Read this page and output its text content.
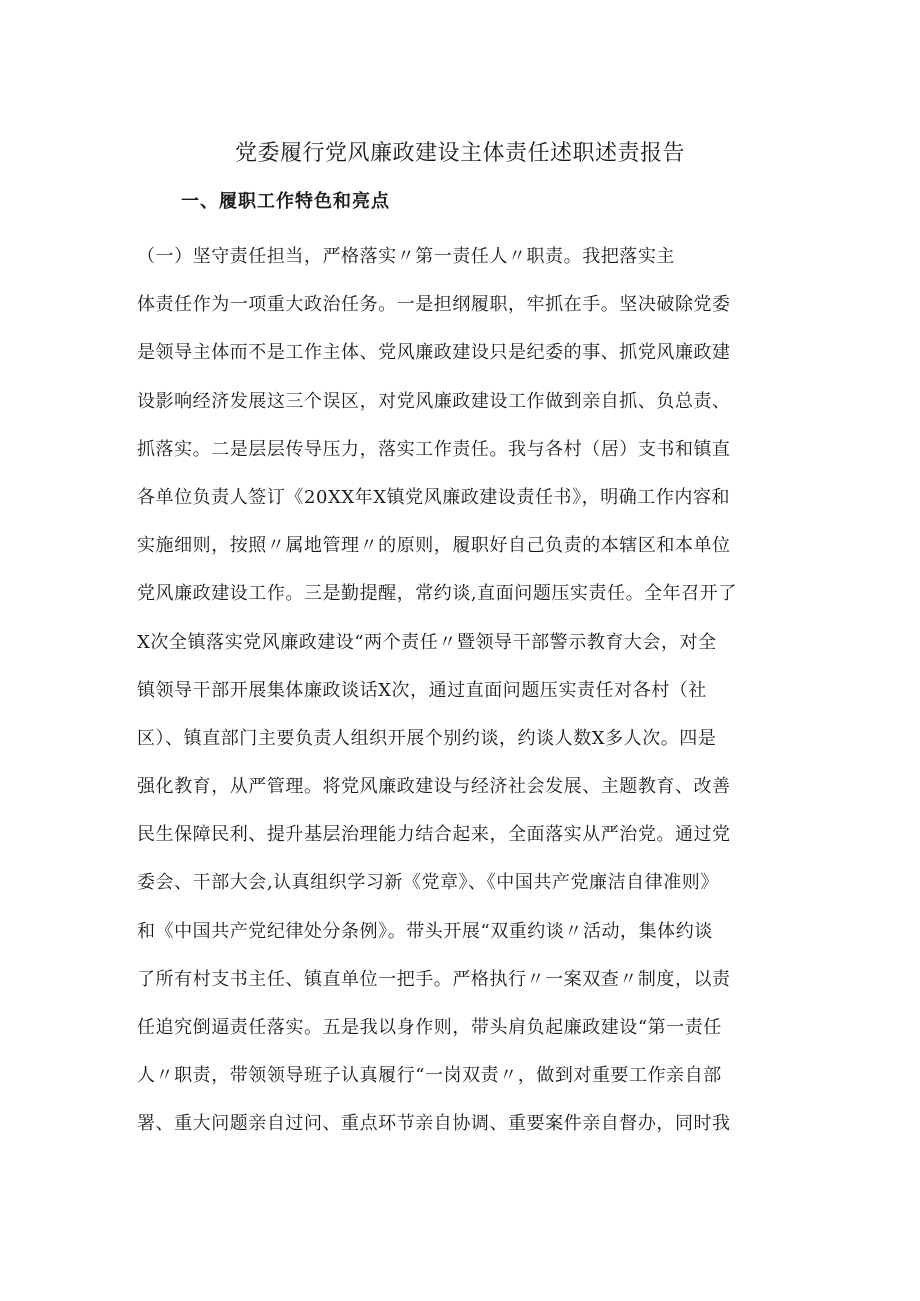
党委履行党风廉政建设主体责任述职述责报告
一、履职工作特色和亮点
（一）坚守责任担当，严格落实〃第一责任人〃职责。我把落实主
体责任作为一项重大政治任务。一是担纲履职，牢抓在手。坚决破除党委
是领导主体而不是工作主体、党风廉政建设只是纪委的事、抓党风廉政建
设影响经济发展这三个误区，对党风廉政建设工作做到亲自抓、负总责、
抓落实。二是层层传导压力，落实工作责任。我与各村（居）支书和镇直
各单位负责人签订《20XX年X镇党风廉政建设责任书》，明确工作内容和
实施细则，按照〃属地管理〃的原则，履职好自己负责的本辖区和本单位
党风廉政建设工作。三是勤提醒，常约谈,直面问题压实责任。全年召开了
X次全镇落实党风廉政建设“两个责任〃暨领导干部警示教育大会，对全
镇领导干部开展集体廉政谈话X次，通过直面问题压实责任对各村（社
区）、镇直部门主要负责人组织开展个别约谈，约谈人数X多人次。四是
强化教育，从严管理。将党风廉政建设与经济社会发展、主题教育、改善
民生保障民利、提升基层治理能力结合起来，全面落实从严治党。通过党
委会、干部大会,认真组织学习新《党章》、《中国共产党廉洁自律准则》
和《中国共产党纪律处分条例》。带头开展“双重约谈〃活动，集体约谈
了所有村支书主任、镇直单位一把手。严格执行〃一案双查〃制度，以责
任追究倒逼责任落实。五是我以身作则，带头肩负起廉政建设“第一责任
人〃职责，带领领导班子认真履行“一岗双责〃，做到对重要工作亲自部
署、重大问题亲自过问、重点环节亲自协调、重要案件亲自督办，同时我
